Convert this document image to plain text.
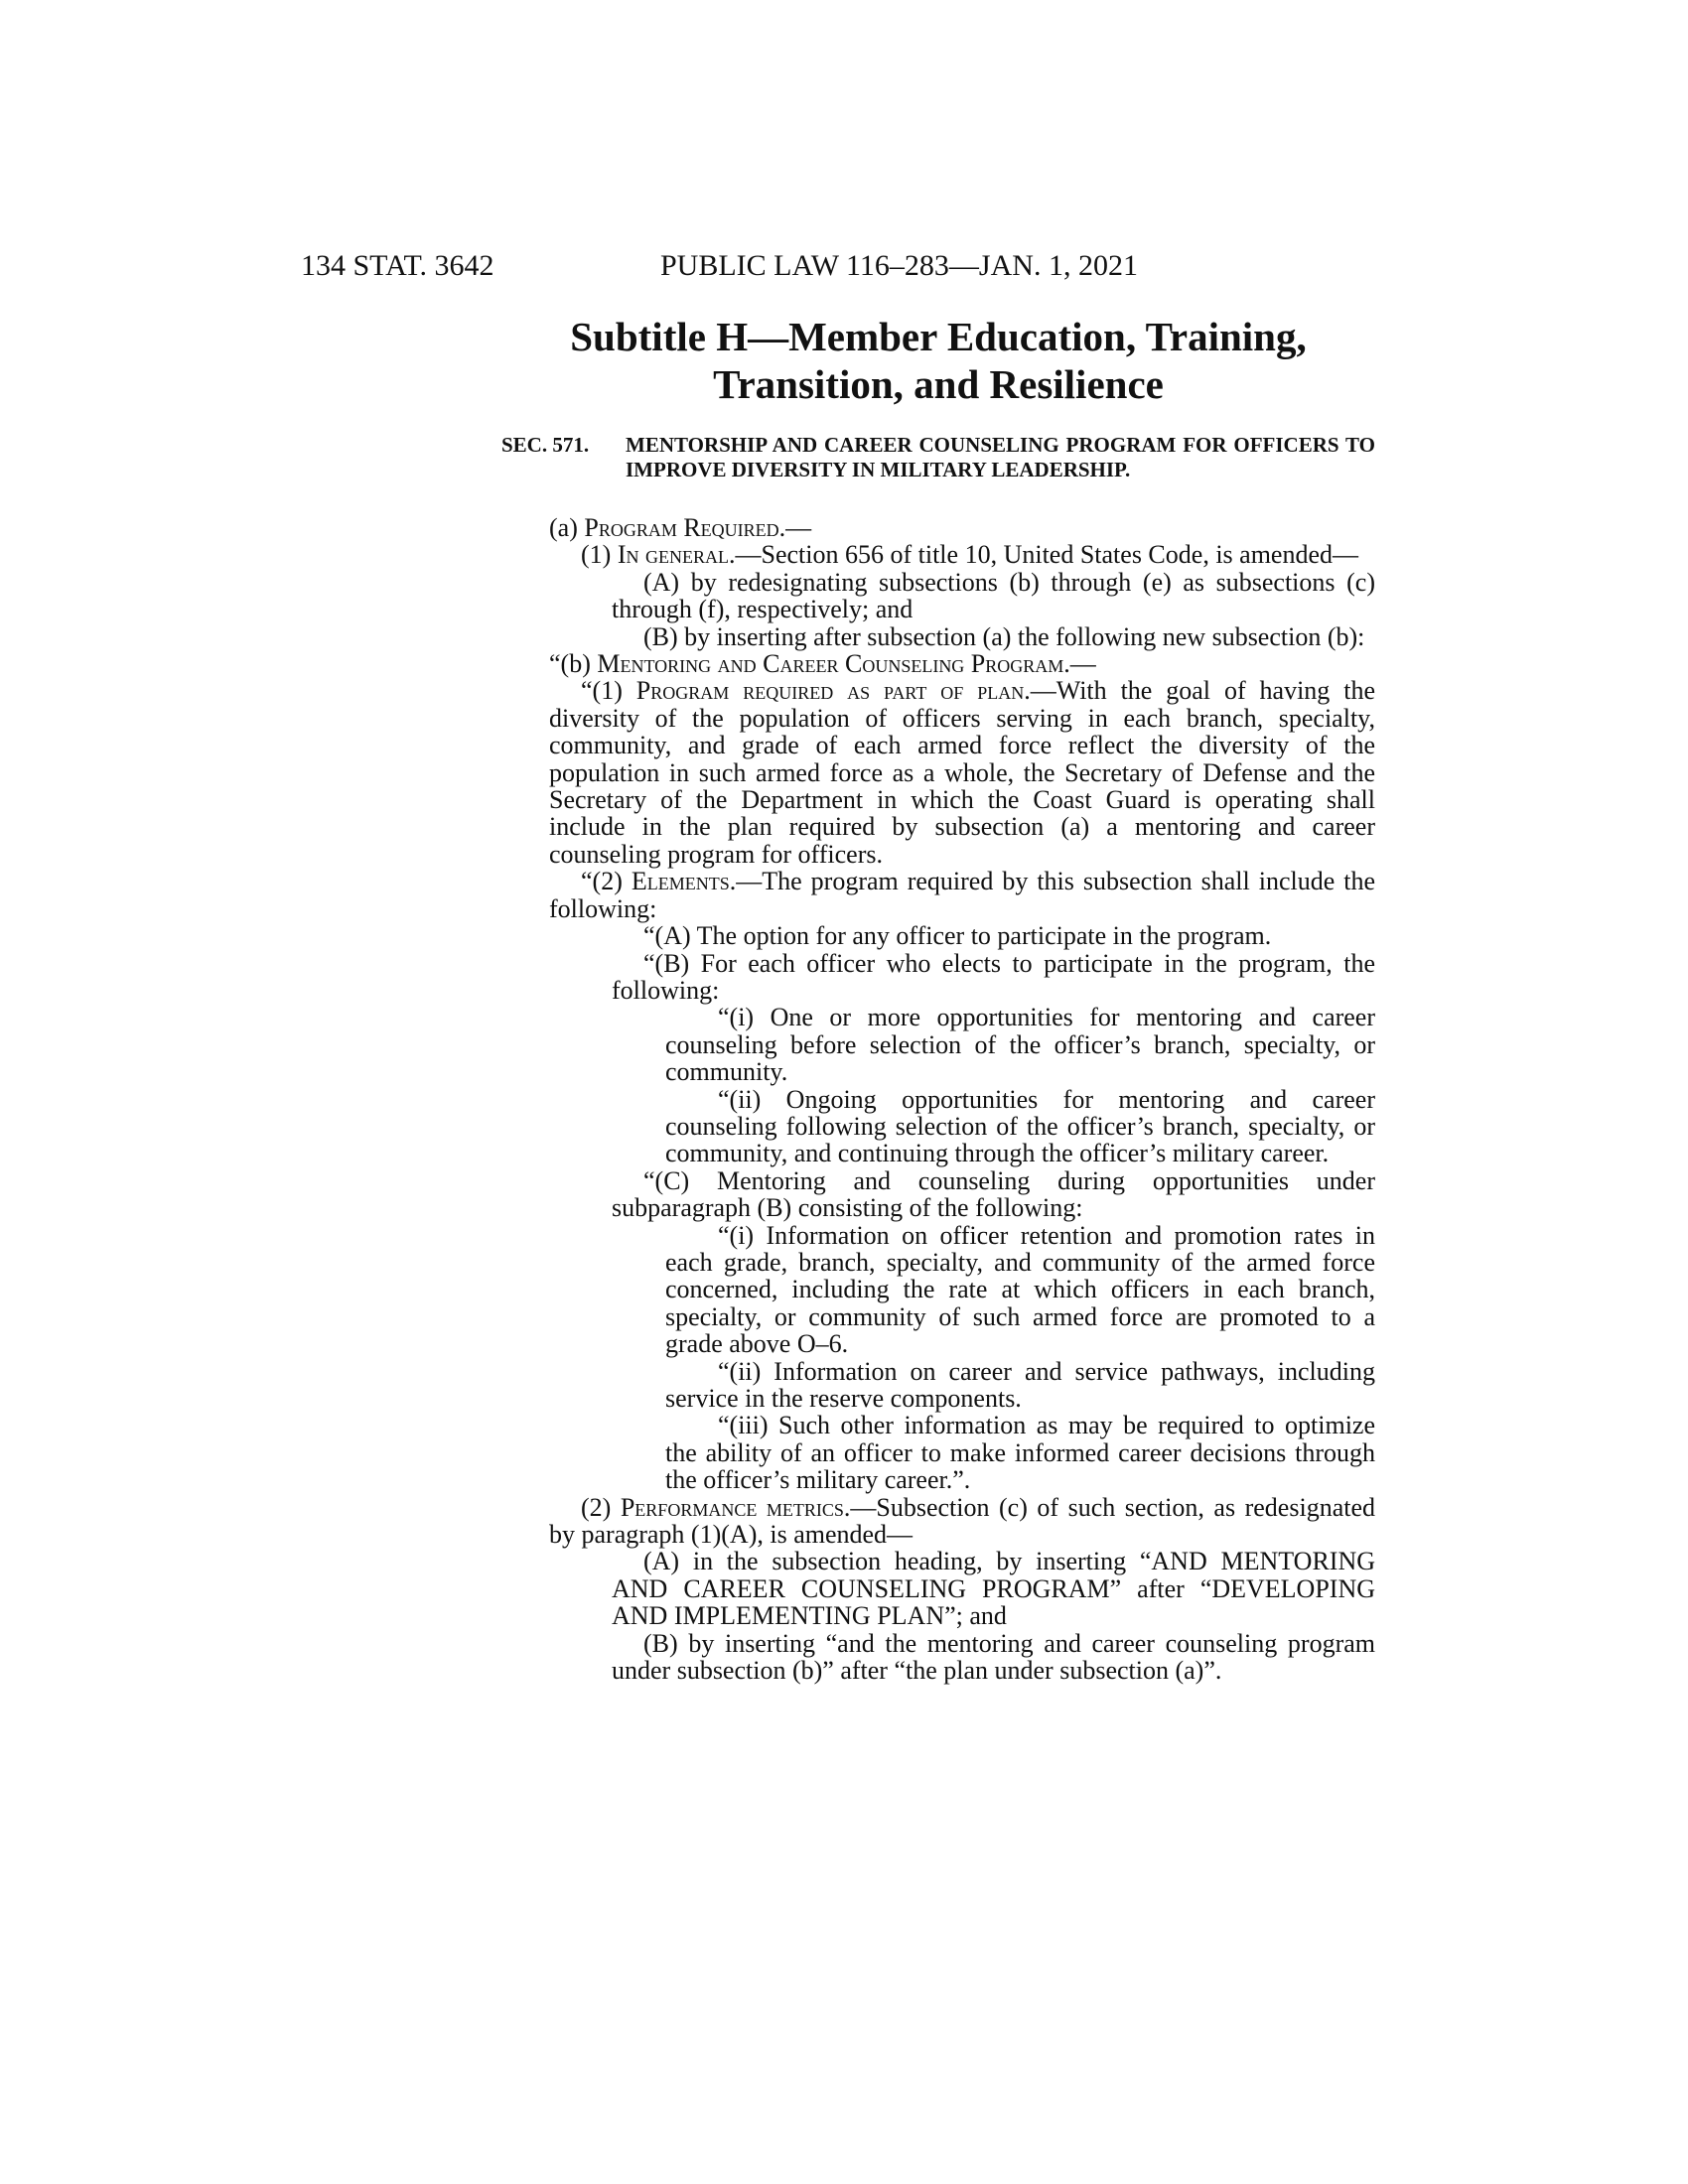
134 STAT. 3642	PUBLIC LAW 116–283—JAN. 1, 2021
Subtitle H—Member Education, Training,
Transition, and Resilience
SEC. 571.	MENTORSHIP AND CAREER COUNSELING PROGRAM FOR OFFICERS TO IMPROVE DIVERSITY IN MILITARY LEADERSHIP.
(a) Program Required.—
(1) In general.—Section 656 of title 10, United States Code, is amended—
(A) by redesignating subsections (b) through (e) as subsections (c) through (f), respectively; and
(B) by inserting after subsection (a) the following new subsection (b):
“(b) Mentoring and Career Counseling Program.—
“(1) Program required as part of plan.—With the goal of having the diversity of the population of officers serving in each branch, specialty, community, and grade of each armed force reflect the diversity of the population in such armed force as a whole, the Secretary of Defense and the Secretary of the Department in which the Coast Guard is operating shall include in the plan required by subsection (a) a mentoring and career counseling program for officers.
“(2) Elements.—The program required by this subsection shall include the following:
“(A) The option for any officer to participate in the program.
“(B) For each officer who elects to participate in the program, the following:
“(i) One or more opportunities for mentoring and career counseling before selection of the officer’s branch, specialty, or community.
“(ii) Ongoing opportunities for mentoring and career counseling following selection of the officer’s branch, specialty, or community, and continuing through the officer’s military career.
“(C) Mentoring and counseling during opportunities under subparagraph (B) consisting of the following:
“(i) Information on officer retention and promotion rates in each grade, branch, specialty, and community of the armed force concerned, including the rate at which officers in each branch, specialty, or community of such armed force are promoted to a grade above O–6.
“(ii) Information on career and service pathways, including service in the reserve components.
“(iii) Such other information as may be required to optimize the ability of an officer to make informed career decisions through the officer’s military career.”.
(2) Performance metrics.—Subsection (c) of such section, as redesignated by paragraph (1)(A), is amended—
(A) in the subsection heading, by inserting “AND MENTORING AND CAREER COUNSELING PROGRAM” after “DEVELOPING AND IMPLEMENTING PLAN”; and
(B) by inserting “and the mentoring and career counseling program under subsection (b)” after “the plan under subsection (a)”.
